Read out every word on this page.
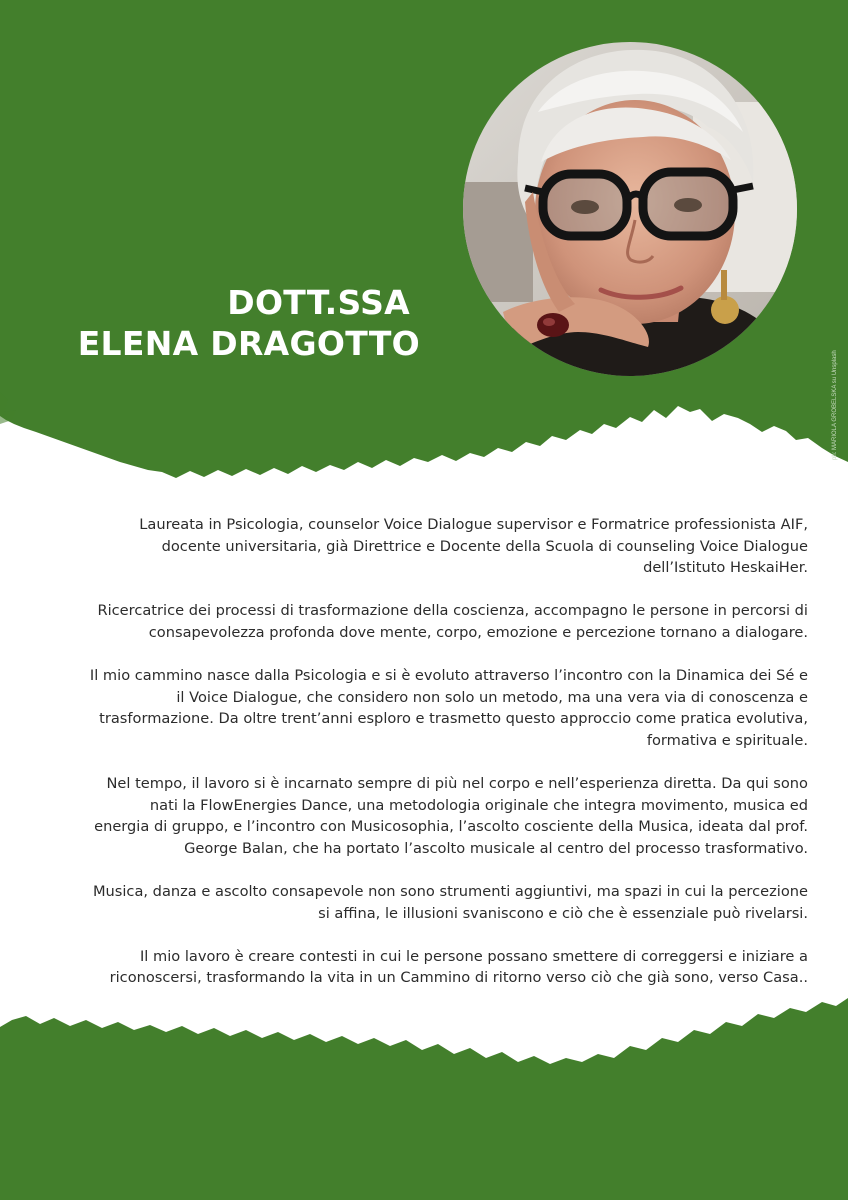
DOTT.SSA
ELENA DRAGOTTO
ph: MARIOLA GROBELSKA su Unsplash

Laureata in Psicologia, counselor Voice Dialogue supervisor e Formatrice professionista AIF,
docente universitaria, già Direttrice e Docente della Scuola di counseling Voice Dialogue
dell’Istituto HeskaiHer.

Ricercatrice dei processi di trasformazione della coscienza, accompagno le persone in percorsi di
consapevolezza profonda dove mente, corpo, emozione e percezione tornano a dialogare.

Il mio cammino nasce dalla Psicologia e si è evoluto attraverso l’incontro con la Dinamica dei Sé e
il Voice Dialogue, che considero non solo un metodo, ma una vera via di conoscenza e
trasformazione. Da oltre trent’anni esploro e trasmetto questo approccio come pratica evolutiva,
formativa e spirituale.

Nel tempo, il lavoro si è incarnato sempre di più nel corpo e nell’esperienza diretta. Da qui sono
nati la FlowEnergies Dance, una metodologia originale che integra movimento, musica ed
energia di gruppo, e l’incontro con Musicosophia, l’ascolto cosciente della Musica, ideata dal prof.
George Balan, che ha portato l’ascolto musicale al centro del processo trasformativo.

Musica, danza e ascolto consapevole non sono strumenti aggiuntivi, ma spazi in cui la percezione
si affina, le illusioni svaniscono e ciò che è essenziale può rivelarsi.

Il mio lavoro è creare contesti in cui le persone possano smettere di correggersi e iniziare a
riconoscersi, trasformando la vita in un Cammino di ritorno verso ciò che già sono, verso Casa..
